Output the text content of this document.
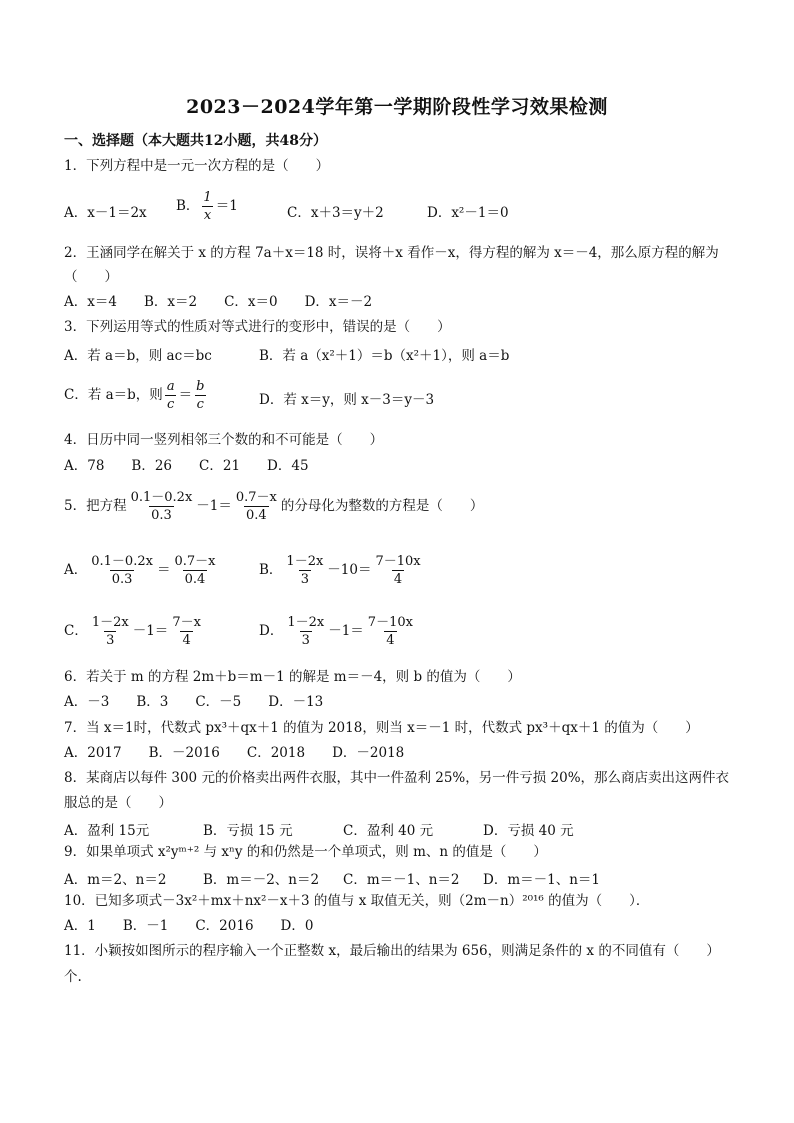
2023－2024学年第一学期阶段性学习效果检测
一、选择题（本大题共12小题，共48分）
1．下列方程中是一元一次方程的是（　　）
A．x－1＝2x B． $\frac{1}{x} =1$	C．x＋3＝y＋2	D．x²－1＝0
2．王涵同学在解关于 x 的方程 7a＋x＝18 时，误将＋x 看作－x，得方程的解为 x＝－4，那么原方程的解为
（　　）
A．x＝4　　B．x＝2　　C．x＝0　　D．x＝－2
3．下列运用等式的性质对等式进行的变形中，错误的是（　　）
A．若 a＝b，则 ac＝bc	B．若 a（x²＋1）＝b（x²＋1），则 a＝b
C．若 a＝b，则 $\frac{a}{c} = \frac{b}{c}$	D．若 x＝y，则 x－3＝y－3
4．日历中同一竖列相邻三个数的和不可能是（　　）
A．78　　B．26　　C．21　　D．45
5．把方程 $\frac{0.1-0.2x}{0.3} -1= \frac{0.7-x}{0.4}$ 的分母化为整数的方程是（　　）
A． $\frac{0.1-0.2x}{0.3} = \frac{0.7-x}{0.4}$	B． $\frac{1-2x}{3} -10= \frac{7-10x}{4}$
C． $\frac{1-2x}{3} -1= \frac{7-x}{4}$	D． $\frac{1-2x}{3} -1= \frac{7-10x}{4}$
6．若关于 m 的方程 2m＋b＝m－1 的解是 m＝－4，则 b 的值为（　　）
A．－3　　B．3　　C．－5　　D．－13
7．当 x＝1时，代数式 px³＋qx＋1 的值为 2018，则当 x＝－1 时，代数式 px³＋qx＋1 的值为（　　）
A．2017　　B．－2016　　C．2018　　D．－2018
8．某商店以每件 300 元的价格卖出两件衣服，其中一件盈利 25%，另一件亏损 20%，那么商店卖出这两件衣
服总的是（　　）
A．盈利 15元	B．亏损 15 元	C．盈利 40 元	D．亏损 40 元
9．如果单项式 x²yᵐ⁺² 与 xⁿy 的和仍然是一个单项式，则 m、n 的值是（　　）
A．m＝2、n＝2	B．m＝－2、n＝2 C．m＝－1、n＝2 D．m＝－1、n＝1
10．已知多项式－3x²＋mx＋nx²－x＋3 的值与 x 取值无关，则（2m－n）²⁰¹⁶ 的值为（　　）．
A．1　　B．－1　　C．2016　　D．0
11．小颖按如图所示的程序输入一个正整数 x，最后输出的结果为 656，则满足条件的 x 的不同值有（　　）
个.
